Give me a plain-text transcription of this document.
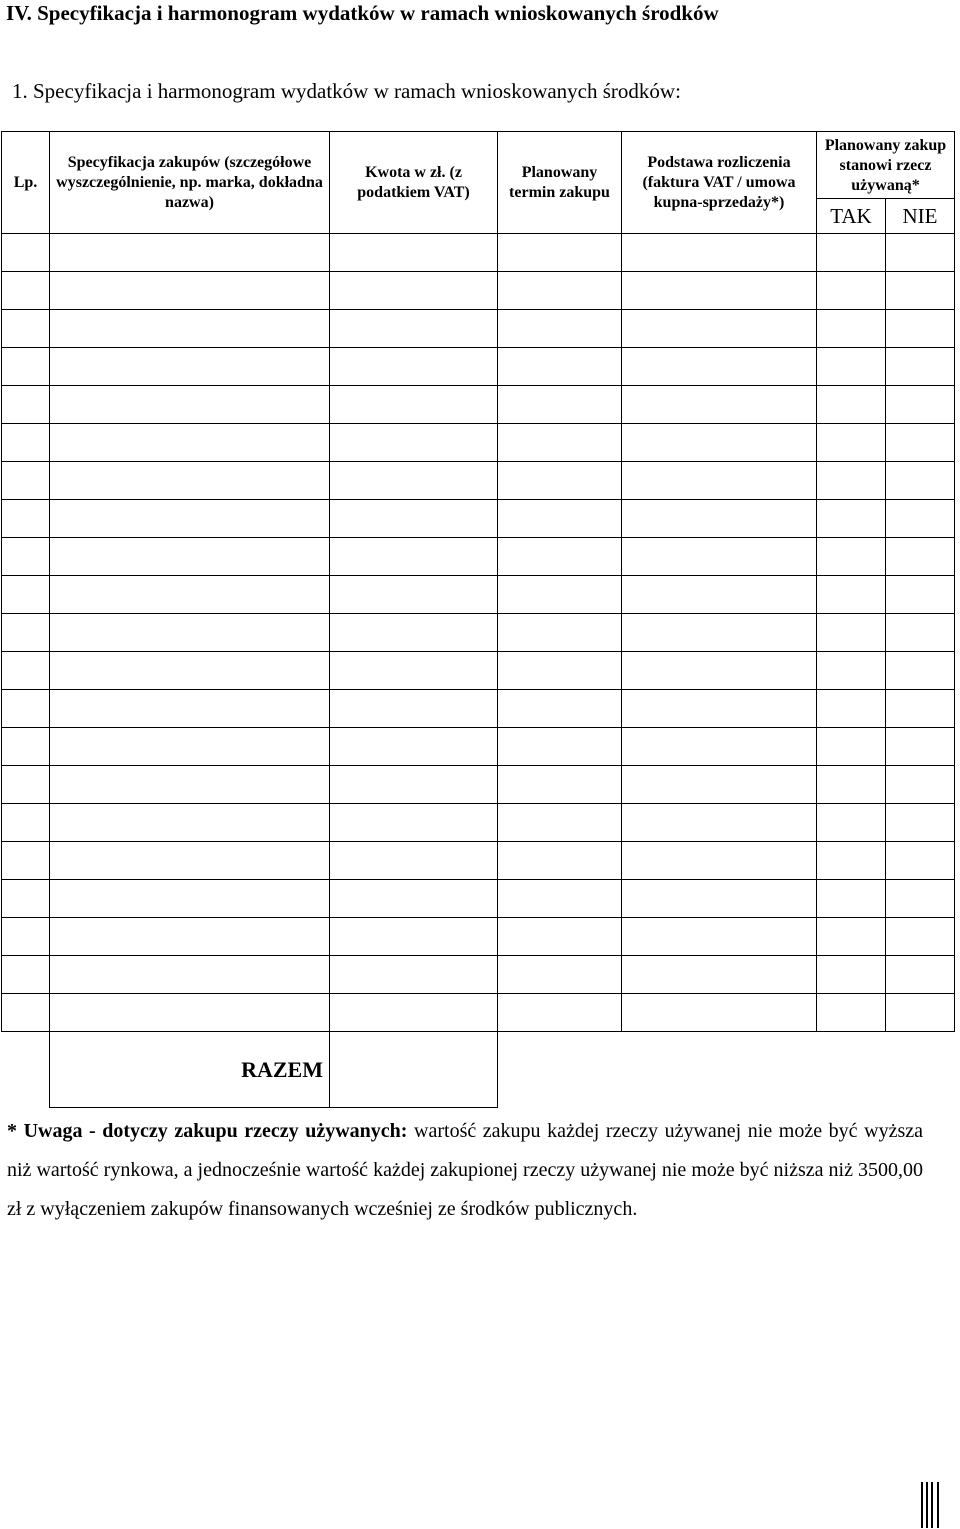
IV. Specyfikacja i harmonogram wydatków w ramach wnioskowanych środków
1. Specyfikacja i harmonogram wydatków w ramach wnioskowanych środków:
Lp.	Specyfikacja zakupów (szczegółowe wyszczególnienie, np. marka, dokładna nazwa)	Kwota w zł. (z podatkiem VAT)	Planowany termin zakupu	Podstawa rozliczenia (faktura VAT / umowa kupna-sprzedaży*)	Planowany zakup stanowi rzecz używaną*
TAK NIE	

	RAZEM					

* Uwaga - dotyczy zakupu rzeczy używanych: wartość zakupu każdej rzeczy używanej nie może być wyższa niż wartość rynkowa, a jednocześnie wartość każdej zakupionej rzeczy używanej nie może być niższa niż 3500,00 zł z wyłączeniem zakupów finansowanych wcześniej ze środków publicznych.
